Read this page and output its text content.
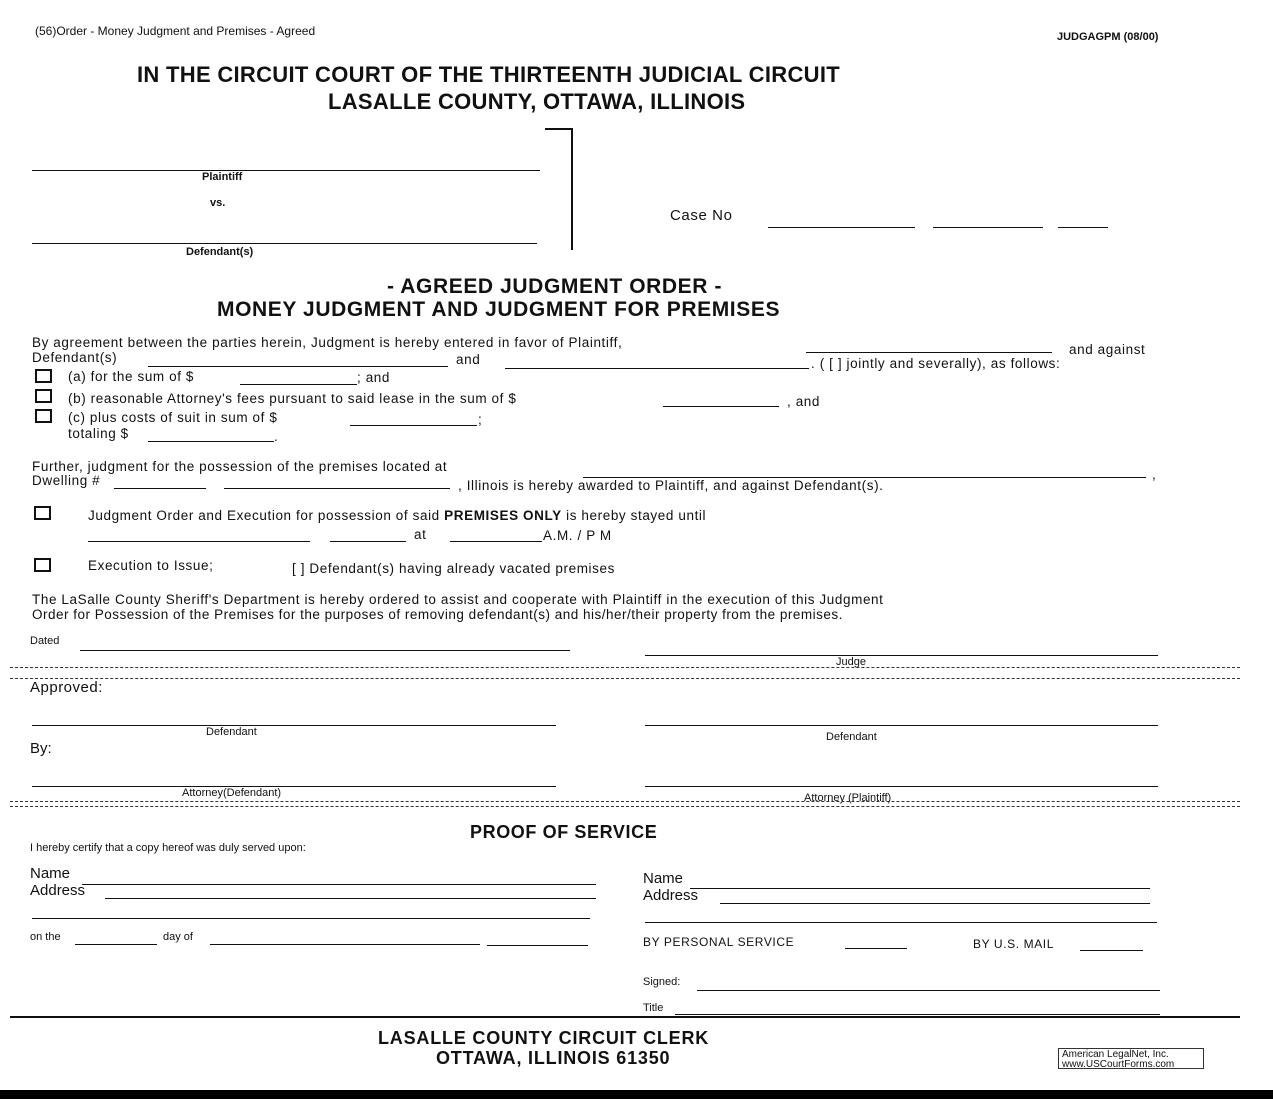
(56)Order - Money Judgment and Premises - Agreed	JUDGAGPM (08/00)
IN THE CIRCUIT COURT OF THE THIRTEENTH JUDICIAL CIRCUIT
LASALLE COUNTY, OTTAWA, ILLINOIS
Plaintiff
vs.
Defendant(s)
Case No
- AGREED JUDGMENT ORDER -
MONEY JUDGMENT AND JUDGMENT FOR PREMISES
By agreement between the parties herein, Judgment is hereby entered in favor of Plaintiff,	and against
Defendant(s)	and	. ( [ ] jointly and severally), as follows:
(a) for the sum of $	; and
(b) reasonable Attorney's fees pursuant to said lease in the sum of $	, and
(c) plus costs of suit in sum of $	;
totaling $	.
Further, judgment for the possession of the premises located at
,
Dwelling #	, Illinois is hereby awarded to Plaintiff, and against Defendant(s).
Judgment Order and Execution for possession of said PREMISES ONLY is hereby stayed until
at	A.M. / P M
Execution to Issue;	[ ] Defendant(s) having already vacated premises
The LaSalle County Sheriff's Department is hereby ordered to assist and cooperate with Plaintiff in the execution of this Judgment
Order for Possession of the Premises for the purposes of removing defendant(s) and his/her/their property from the premises.
Dated
Judge
Approved:
Defendant	Defendant
By:
Attorney(Defendant)	Attorney (Plaintiff)
PROOF OF SERVICE
I hereby certify that a copy hereof was duly served upon:
Name
Address
Name
Address
on the	day of	BY PERSONAL SERVICE	BY U.S. MAIL
Signed:
Title
LASALLE COUNTY CIRCUIT CLERK
OTTAWA, ILLINOIS 61350	American LegalNet, Inc.
www.USCourtForms.com
